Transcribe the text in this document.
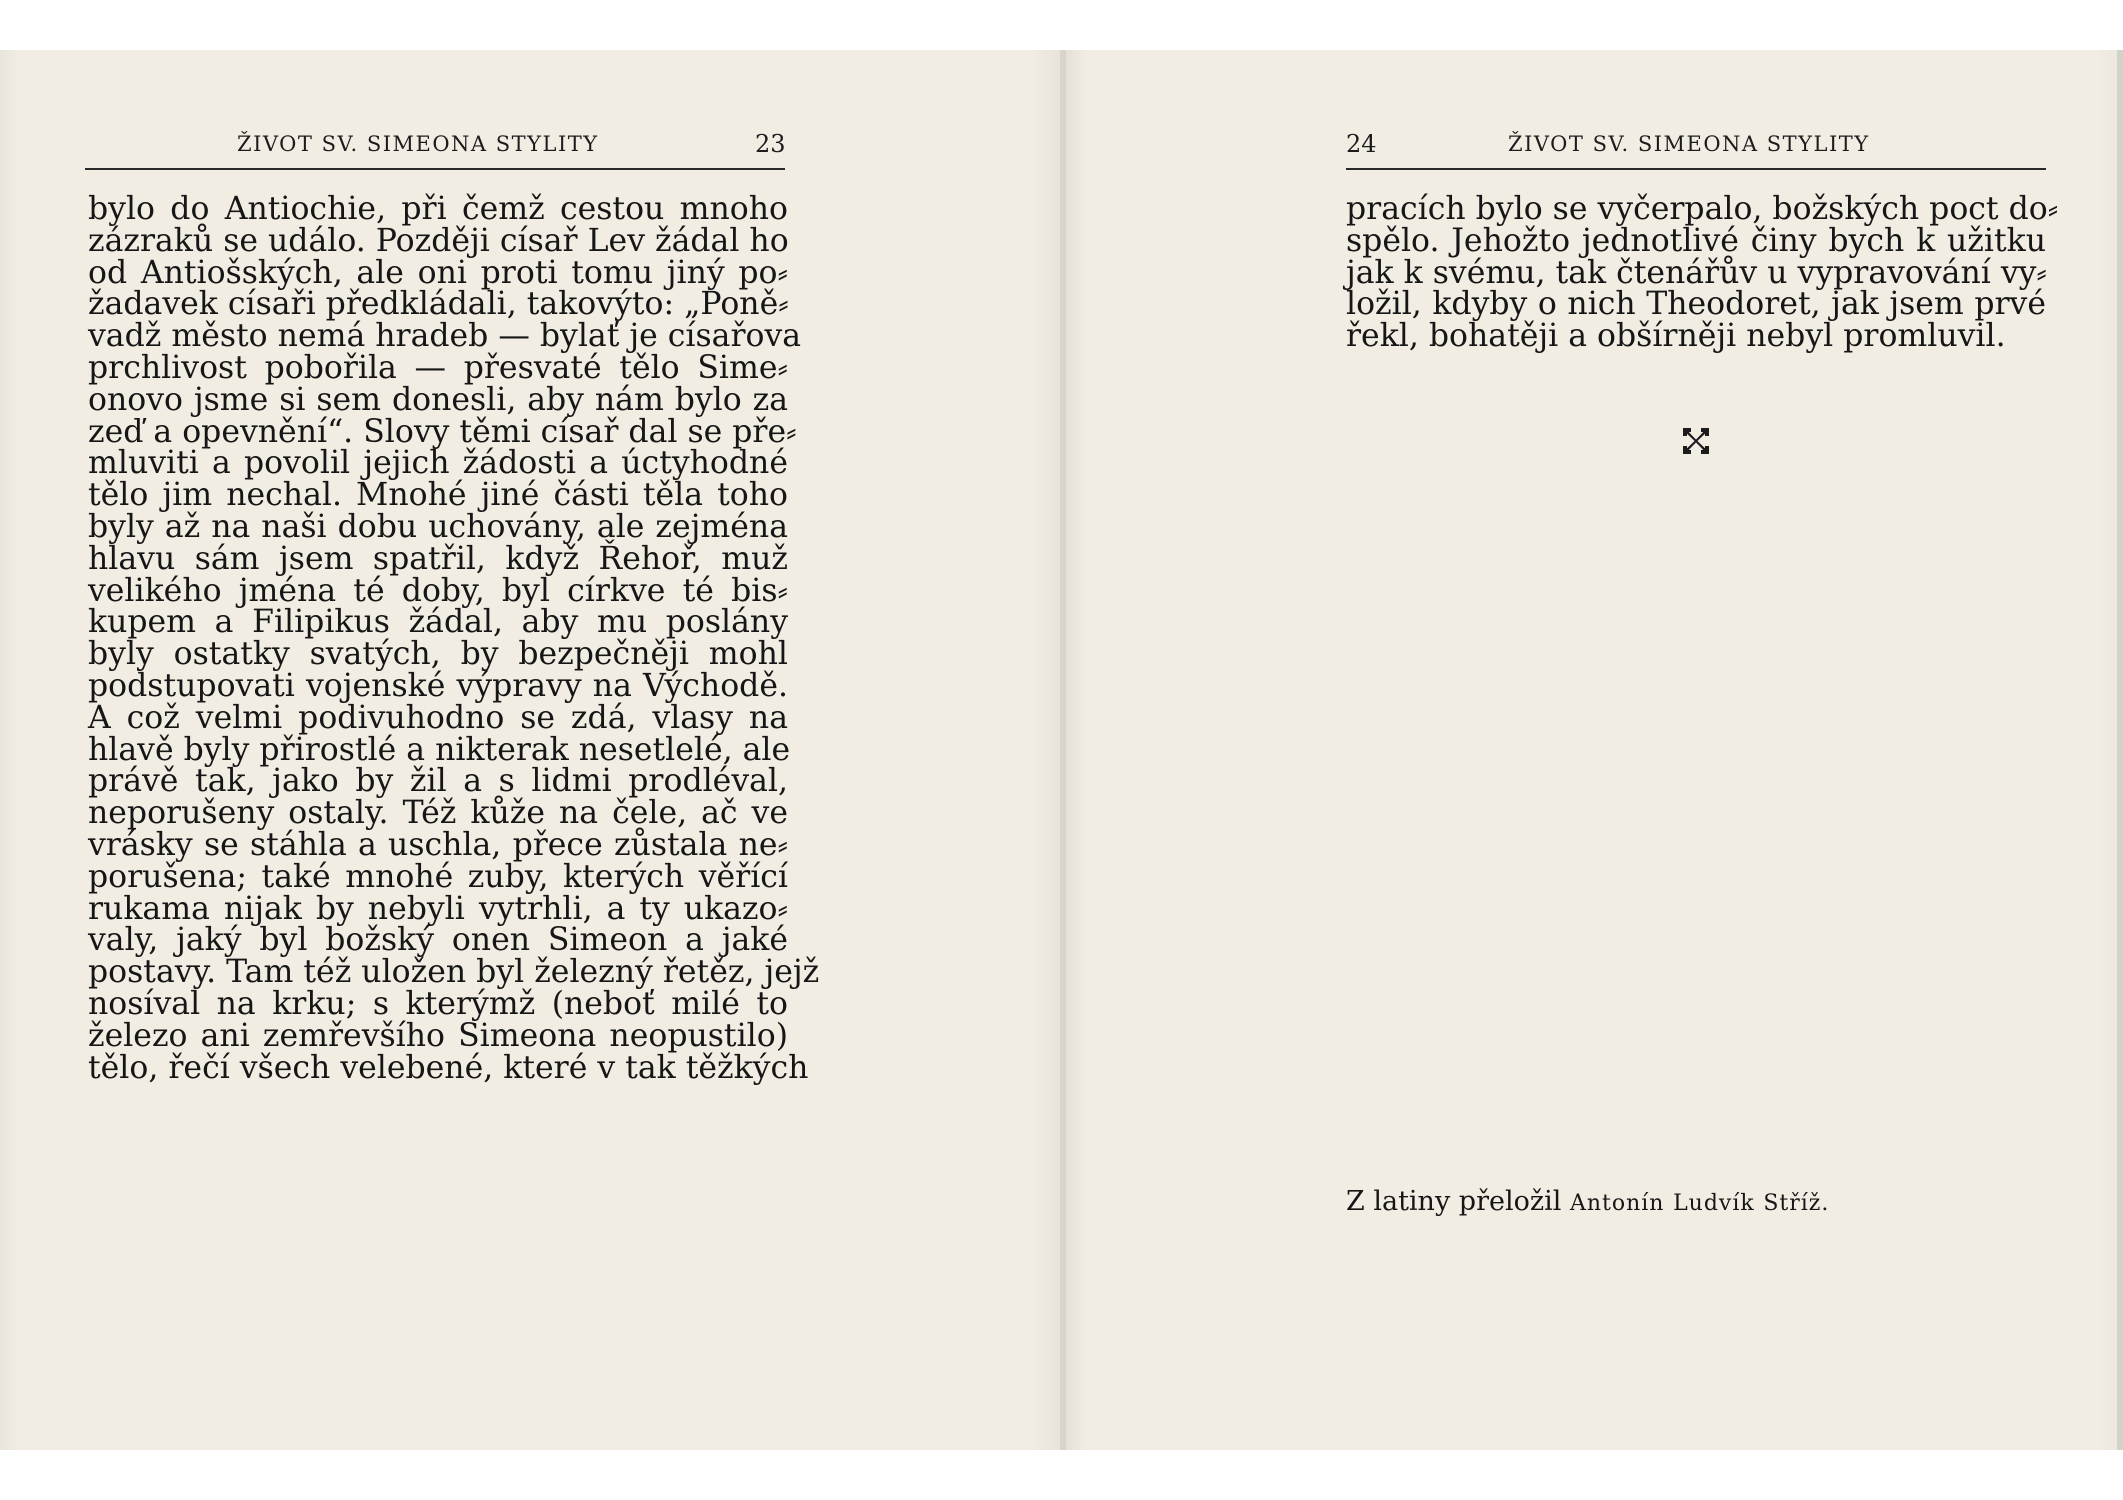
ŽIVOT SV. SIMEONA STYLITY	23
bylo do Antiochie, při čemž cestou mnoho
zázraků se událo. Později císař Lev žádal ho
od Antiošských, ale oni proti tomu jiný po⸗
žadavek císaři předkládali, takovýto: „Poně⸗
vadž město nemá hradeb — bylať je císařova
prchlivost pobořila — přesvaté tělo Sime⸗
onovo jsme si sem donesli, aby nám bylo za
zeď a opevnění“. Slovy těmi císař dal se pře⸗
mluviti a povolil jejich žádosti a úctyhodné
tělo jim nechal. Mnohé jiné části těla toho
byly až na naši dobu uchovány, ale zejména
hlavu sám jsem spatřil, když Řehoř, muž
velikého jména té doby, byl církve té bis⸗
kupem a Filipikus žádal, aby mu poslány
byly ostatky svatých, by bezpečněji mohl
podstupovati vojenské výpravy na Východě.
A což velmi podivuhodno se zdá, vlasy na
hlavě byly přirostlé a nikterak nesetlelé, ale
právě tak, jako by žil a s lidmi prodléval,
neporušeny ostaly. Též kůže na čele, ač ve
vrásky se stáhla a uschla, přece zůstala ne⸗
porušena; také mnohé zuby, kterých věřící
rukama nijak by nebyli vytrhli, a ty ukazo⸗
valy, jaký byl božský onen Simeon a jaké
postavy. Tam též uložen byl železný řetěz, jejž
nosíval na krku; s kterýmž (neboť milé to
železo ani zemřevšího Simeona neopustilo)
tělo, řečí všech velebené, které v tak těžkých
24	ŽIVOT SV. SIMEONA STYLITY
pracích bylo se vyčerpalo, božských poct do⸗
spělo. Jehožto jednotlivé činy bych k užitku
jak k svému, tak čtenářův u vypravování vy⸗
ložil, kdyby o nich Theodoret, jak jsem prvé
řekl, bohatěji a obšírněji nebyl promluvil.
Z latiny přeložil Antonín Ludvík Stříž.
